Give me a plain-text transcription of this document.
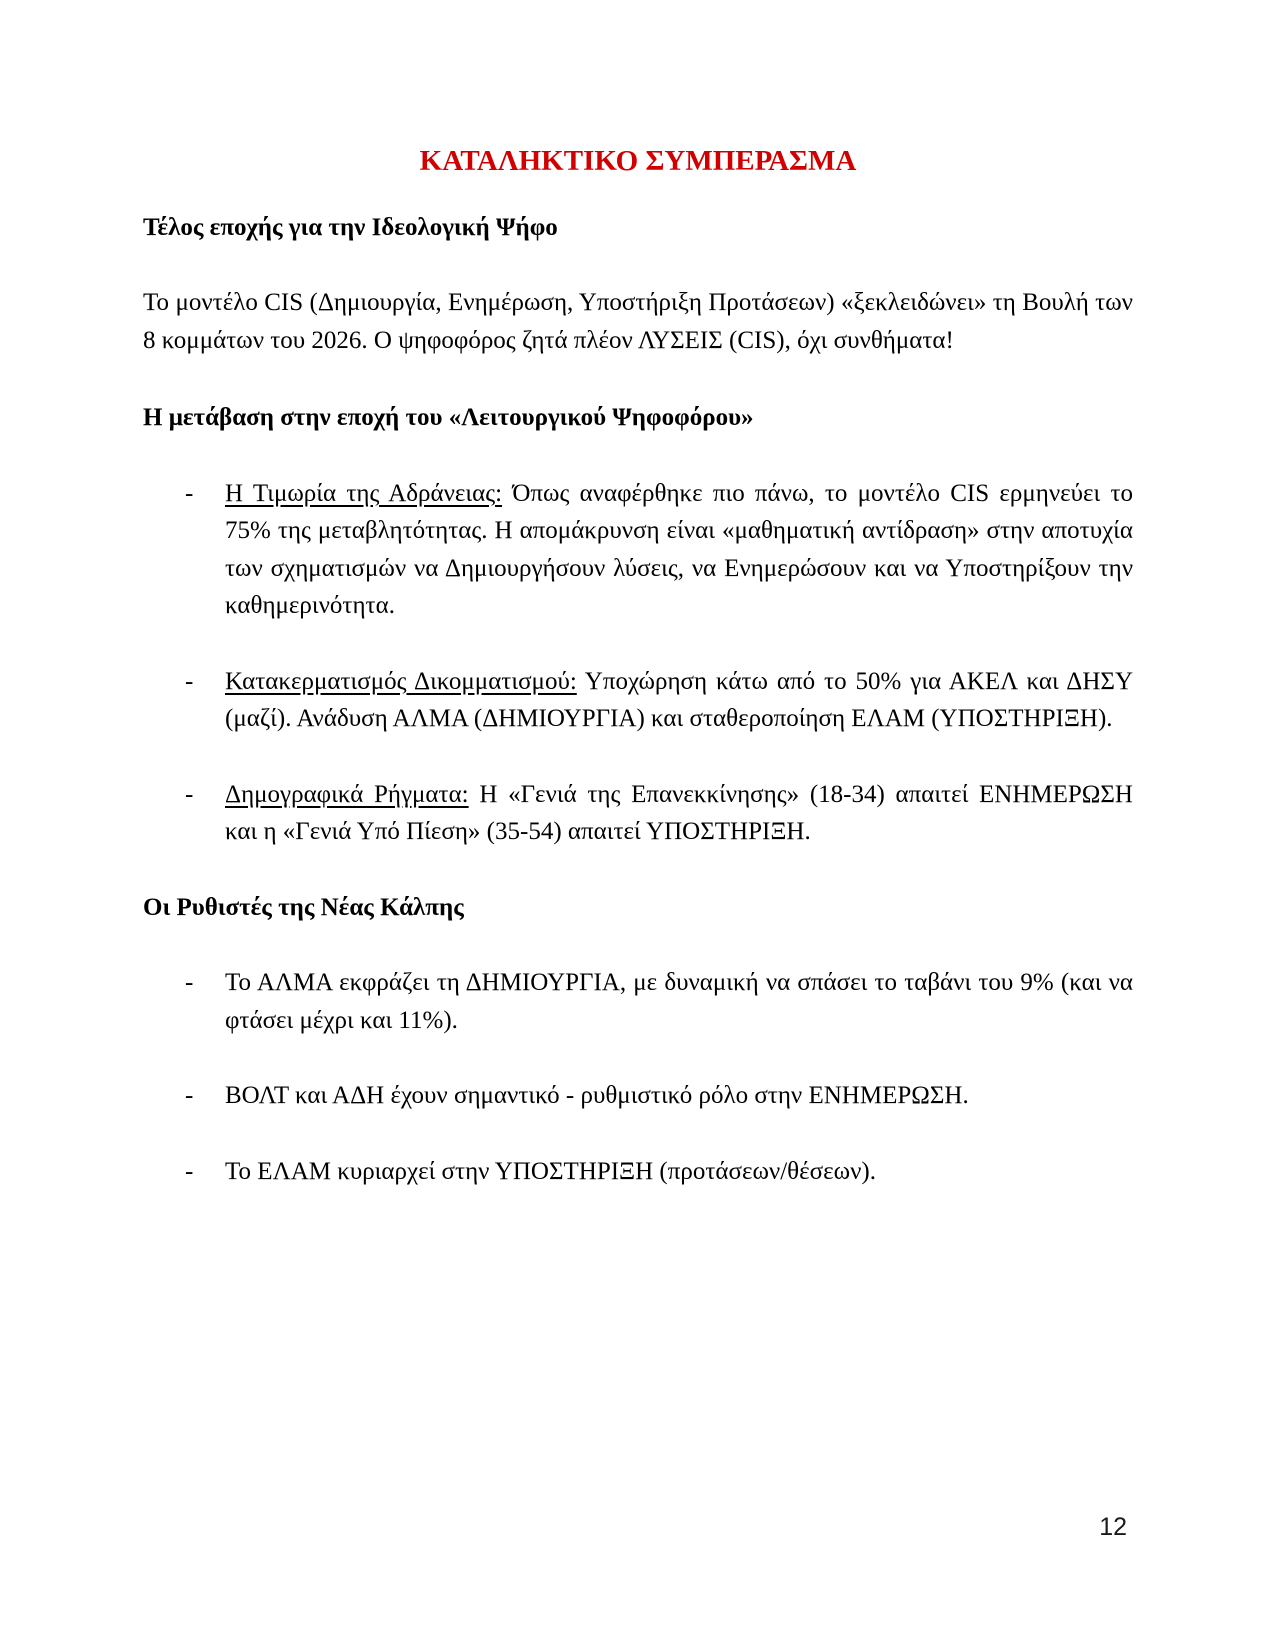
ΚΑΤΑΛΗΚΤΙΚΟ ΣΥΜΠΕΡΑΣΜΑ
Τέλος εποχής για την Ιδεολογική Ψήφο
Το μοντέλο CIS (Δημιουργία, Ενημέρωση, Υποστήριξη Προτάσεων) «ξεκλειδώνει» τη Βουλή των 8 κομμάτων του 2026. Ο ψηφοφόρος ζητά πλέον ΛΥΣΕΙΣ (CIS), όχι συνθήματα!
Η μετάβαση στην εποχή του «Λειτουργικού Ψηφοφόρου»
- Η Τιμωρία της Αδράνειας: Όπως αναφέρθηκε πιο πάνω, το μοντέλο CIS ερμηνεύει το 75% της μεταβλητότητας. Η απομάκρυνση είναι «μαθηματική αντίδραση» στην αποτυχία των σχηματισμών να Δημιουργήσουν λύσεις, να Ενημερώσουν και να Υποστηρίξουν την καθημερινότητα.
- Κατακερματισμός Δικομματισμού: Υποχώρηση κάτω από το 50% για ΑΚΕΛ και ΔΗΣΥ (μαζί). Ανάδυση ΑΛΜΑ (ΔΗΜΙΟΥΡΓΙΑ) και σταθεροποίηση ΕΛΑΜ (ΥΠΟΣΤΗΡΙΞΗ).
- Δημογραφικά Ρήγματα: Η «Γενιά της Επανεκκίνησης» (18-34) απαιτεί ΕΝΗΜΕΡΩΣΗ και η «Γενιά Υπό Πίεση» (35-54) απαιτεί ΥΠΟΣΤΗΡΙΞΗ.
Οι Ρυθιστές της Νέας Κάλπης
- Το ΑΛΜΑ εκφράζει τη ΔΗΜΙΟΥΡΓΙΑ, με δυναμική να σπάσει το ταβάνι του 9% (και να φτάσει μέχρι και 11%).
- ΒΟΛΤ και ΑΔΗ έχουν σημαντικό - ρυθμιστικό ρόλο στην ΕΝΗΜΕΡΩΣΗ.
- Το ΕΛΑΜ κυριαρχεί στην ΥΠΟΣΤΗΡΙΞΗ (προτάσεων/θέσεων).
12
